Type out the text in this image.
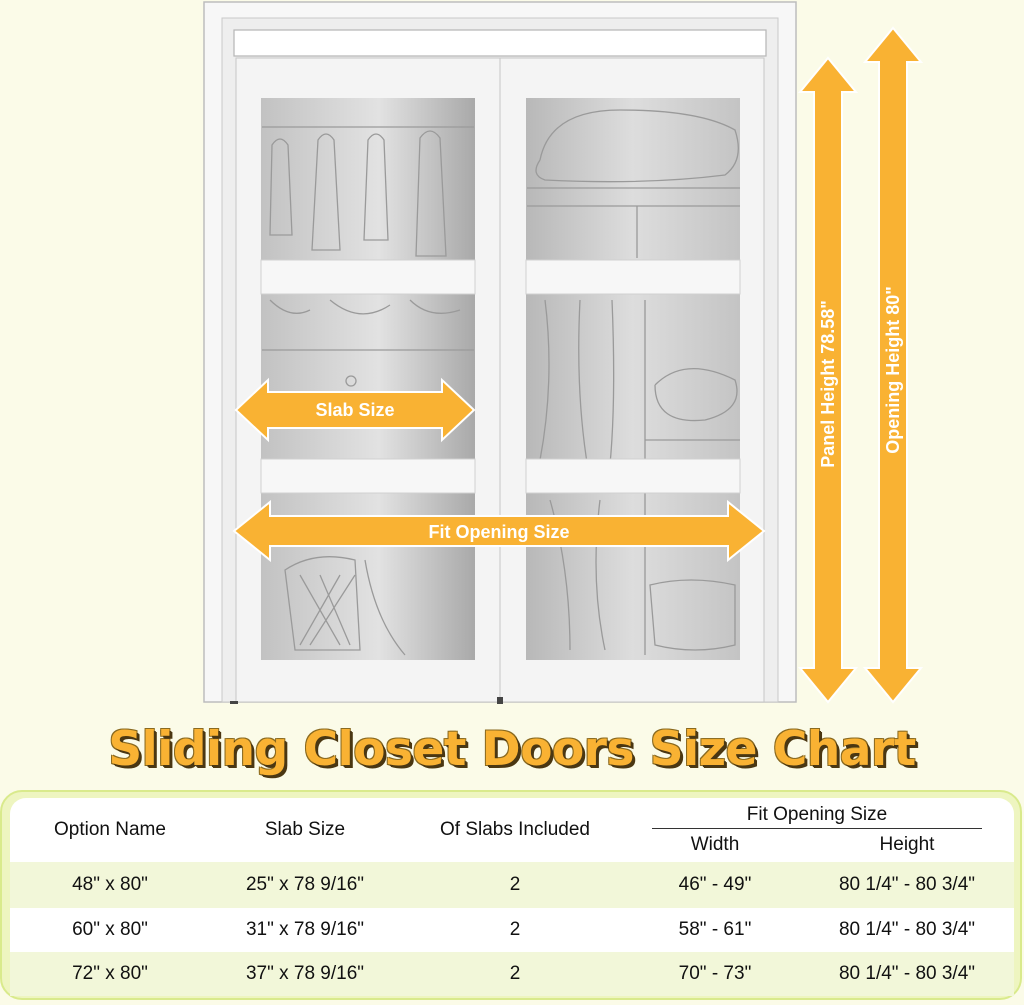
Slab Size
Fit Opening Size
Panel Height 78.58"	Opening Height 80"
Sliding Closet Doors Size Chart
Option Name	Slab Size	Of Slabs Included	Fit Opening Size	

			Width	Height
48" x 80"	25" x 78 9/16"	2	46" - 49"	80 1/4" - 80 3/4"
60" x 80"	31" x 78 9/16"	2	58" - 61"	80 1/4" - 80 3/4"
72" x 80"	37" x 78 9/16"	2	70" - 73"	80 1/4" - 80 3/4"
